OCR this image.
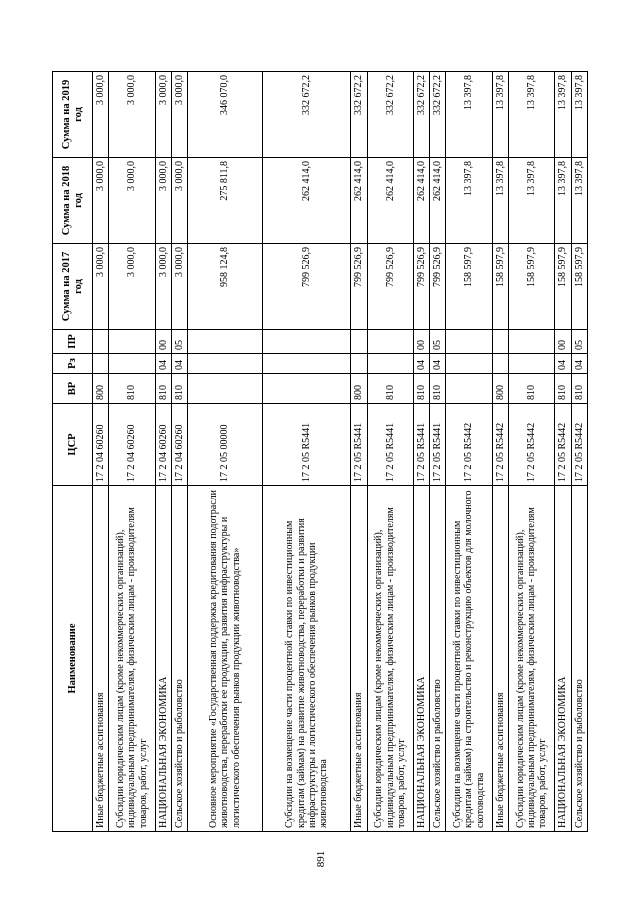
891
Наименование	ЦСР	ВР	Рз	ПР	Сумма на 2017 год	Сумма на 2018 год	Сумма на 2019 год
Иные бюджетные ассигнования	17 2 04 60260	800			3 000,0	3 000,0	3 000,0
Субсидии юридическим лицам (кроме некоммерческих организаций), индивидуальным предпринимателям, физическим лицам - производителям товаров, работ, услуг	17 2 04 60260	810			3 000,0	3 000,0	3 000,0
НАЦИОНАЛЬНАЯ ЭКОНОМИКА	17 2 04 60260	810	04	00	3 000,0	3 000,0	3 000,0
Сельское хозяйство и рыболовство	17 2 04 60260	810	04	05	3 000,0	3 000,0	3 000,0
Основное мероприятие «Государственная поддержка кредитования подотрасли животноводства, переработки ее продукции, развития инфраструктуры и логистического обеспечения рынков продукции животноводства»	17 2 05 00000				958 124,8	275 811,8	346 070,0
Субсидии на возмещение части процентной ставки по инвестиционным кредитам (займам) на развитие животноводства, переработки и развития инфраструктуры и логистического обеспечения рынков продукции животноводства	17 2 05 R5441				799 526,9	262 414,0	332 672,2
Иные бюджетные ассигнования	17 2 05 R5441	800			799 526,9	262 414,0	332 672,2
Субсидии юридическим лицам (кроме некоммерческих организаций), индивидуальным предпринимателям, физическим лицам - производителям товаров, работ, услуг	17 2 05 R5441	810			799 526,9	262 414,0	332 672,2
НАЦИОНАЛЬНАЯ ЭКОНОМИКА	17 2 05 R5441	810	04	00	799 526,9	262 414,0	332 672,2
Сельское хозяйство и рыболовство	17 2 05 R5441	810	04	05	799 526,9	262 414,0	332 672,2
Субсидии на возмещение части процентной ставки по инвестиционным кредитам (займам) на строительство и реконструкцию объектов для молочного скотоводства	17 2 05 R5442				158 597,9	13 397,8	13 397,8
Иные бюджетные ассигнования	17 2 05 R5442	800			158 597,9	13 397,8	13 397,8
Субсидии юридическим лицам (кроме некоммерческих организаций), индивидуальным предпринимателям, физическим лицам - производителям товаров, работ, услуг	17 2 05 R5442	810			158 597,9	13 397,8	13 397,8
НАЦИОНАЛЬНАЯ ЭКОНОМИКА	17 2 05 R5442	810	04	00	158 597,9	13 397,8	13 397,8
Сельское хозяйство и рыболовство	17 2 05 R5442	810	04	05	158 597,9	13 397,8	13 397,8
